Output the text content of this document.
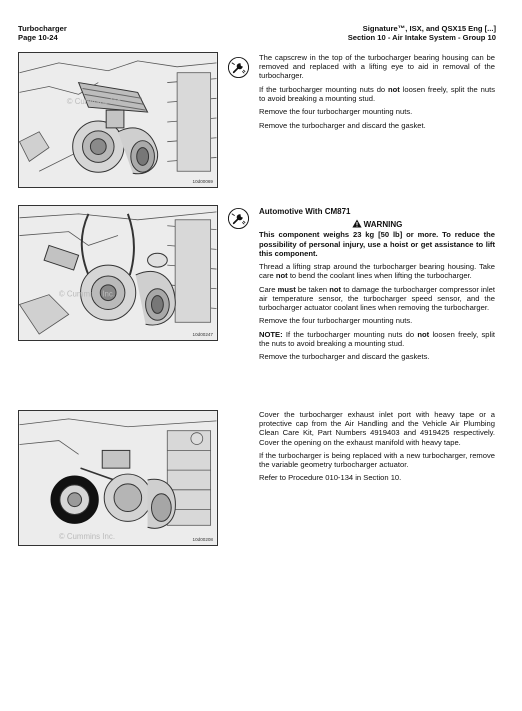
Turbocharger
Page 10-24
Signature™, ISX, and QSX15 Eng [...]
Section 10 - Air Intake System - Group 10
© Cummins Inc.
10d00069

The capscrew in the top of the turbocharger bearing housing can be removed and replaced with a lifting eye to aid in removal of the turbocharger.

If the turbocharger mounting nuts do not loosen freely, split the nuts to avoid breaking a mounting stud.

Remove the four turbocharger mounting nuts.

Remove the turbocharger and discard the gasket.

© Cummins Inc.
10d00247
Automotive With CM871
WARNING

This component weighs 23 kg [50 lb] or more. To reduce the possibility of personal injury, use a hoist or get assistance to lift this component.

Thread a lifting strap around the turbocharger bearing housing. Take care not to bend the coolant lines when lifting the turbocharger.

Care must be taken not to damage the turbocharger compressor inlet air temperature sensor, the turbocharger speed sensor, and the turbocharger actuator coolant lines when removing the turbocharger.

Remove the four turbocharger mounting nuts.

NOTE: If the turbocharger mounting nuts do not loosen freely, split the nuts to avoid breaking a mounting stud.

Remove the turbocharger and discard the gaskets.

© Cummins Inc.	10d00208

Cover the turbocharger exhaust inlet port with heavy tape or a protective cap from the Air Handling and the Vehicle Air Plumbing Clean Care Kit, Part Numbers 4919403 and 4919425 respectively. Cover the opening on the exhaust manifold with heavy tape.

If the turbocharger is being replaced with a new turbocharger, remove the variable geometry turbocharger actuator.

Refer to Procedure 010-134 in Section 10.
